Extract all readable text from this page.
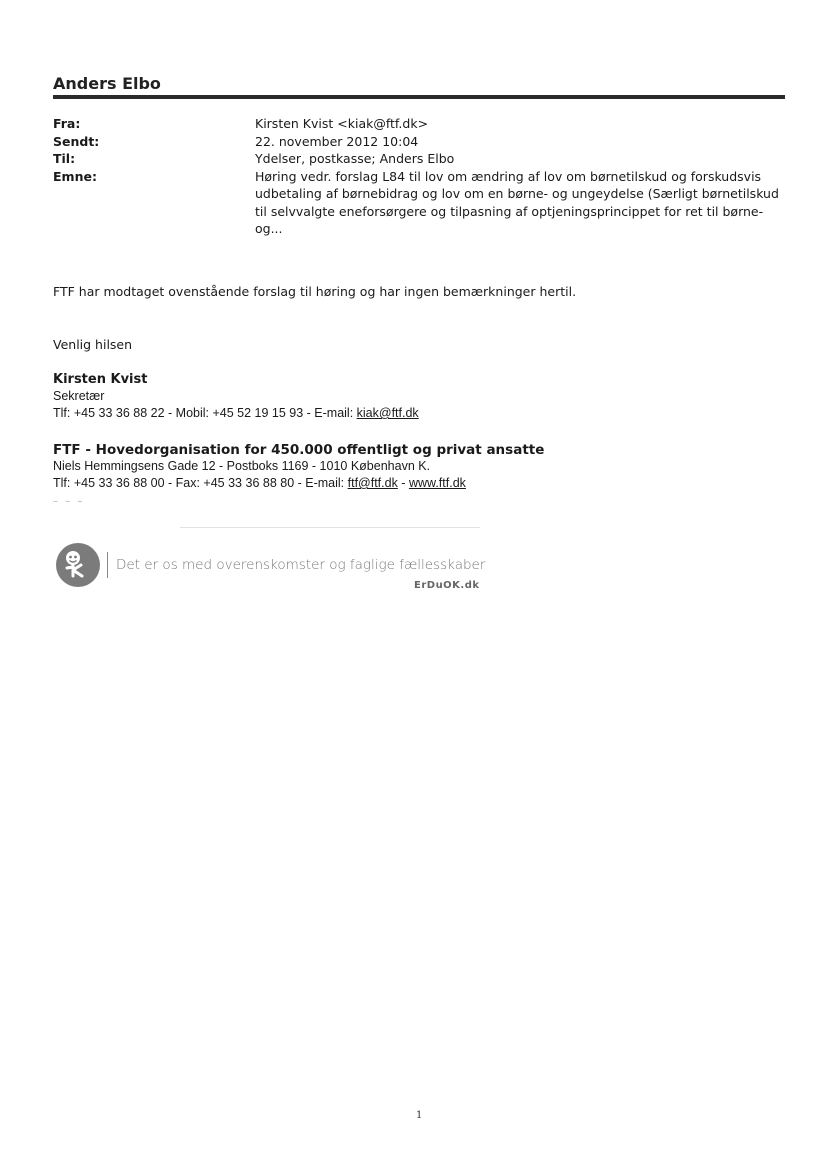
Anders Elbo
Fra:	Kirsten Kvist <kiak@ftf.dk>
Sendt:	22. november 2012 10:04
Til:	Ydelser, postkasse; Anders Elbo
Emne:	Høring vedr. forslag L84 til lov om ændring af lov om børnetilskud og forskudsvis udbetaling af børnebidrag og lov om en børne- og ungeydelse (Særligt børnetilskud til selvvalgte eneforsørgere og tilpasning af optjeningsprincippet for ret til børne- og...
FTF har modtaget ovenstående forslag til høring og har ingen bemærkninger hertil.
Venlig hilsen
Kirsten Kvist
Sekretær
Tlf: +45 33 36 88 22 - Mobil: +45 52 19 15 93 - E-mail: kiak@ftf.dk
FTF - Hovedorganisation for 450.000 offentligt og privat ansatte
Niels Hemmingsens Gade 12 - Postboks 1169 - 1010 København K.
Tlf: +45 33 36 88 00 - Fax: +45 33 36 88 80 - E-mail: ftf@ftf.dk - www.ftf.dk
– – –
Det er os med overenskomster og faglige fællesskaber
ErDuOK.dk
1
